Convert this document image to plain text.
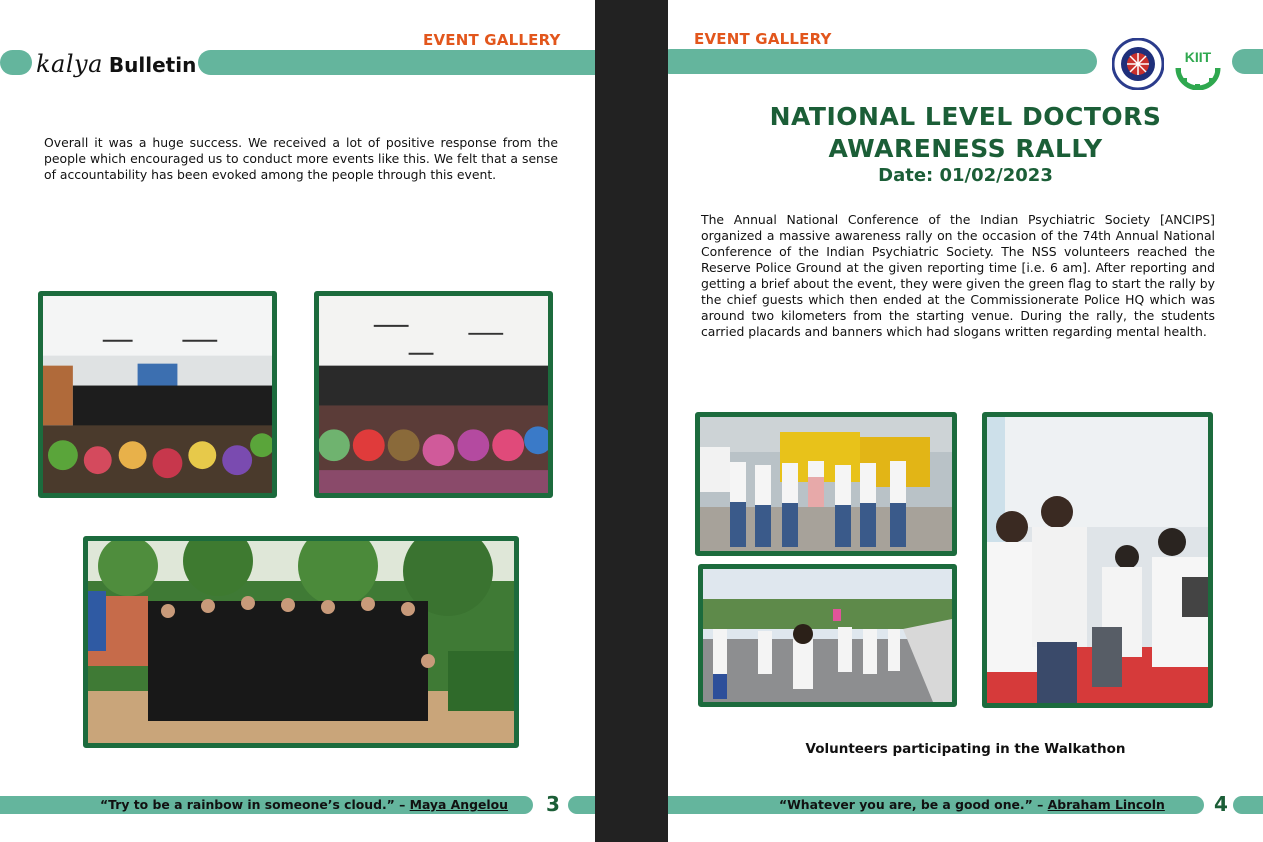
EVENT GALLERY
kalya Bulletin

Overall it was a huge success. We received a lot of positive response from the people which encouraged us to conduct more events like this. We felt that a sense of accountability has been evoked among the people through this event.

“Try to be a rainbow in someone’s cloud.” – Maya Angelou 3
EVENT GALLERY
KIIT
NATIONAL LEVEL DOCTORS
AWARENESS RALLY
Date: 01/02/2023

The Annual National Conference of the Indian Psychiatric Society [ANCIPS] organized a massive awareness rally on the occasion of the 74th Annual National Conference of the Indian Psychiatric Society. The NSS volunteers reached the Reserve Police Ground at the given reporting time [i.e. 6 am]. After reporting and getting a brief about the event, they were given the green flag to start the rally by the chief guests which then ended at the Commissionerate Police HQ which was around two kilometers from the starting venue. During the rally, the students carried placards and banners which had slogans written regarding mental health.

Volunteers participating in the Walkathon
“Whatever you are, be a good one.” – Abraham Lincoln 4
